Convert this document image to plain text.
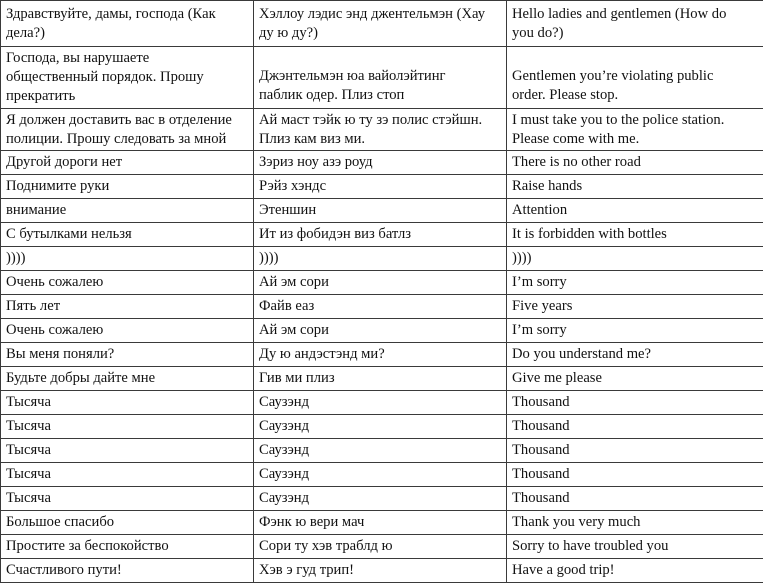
Здравствуйте, дамы, господа (Как
дела?)	Хэллоу лэдис энд джентельмэн (Хау
ду ю ду?)	Hello ladies and gentlemen (How do
you do?)
Господа, вы нарушаете
общественный порядок. Прошу
прекратить	Джэнтельмэн юа вайолэйтинг
паблик одер. Плиз стоп	Gentlemen you’re violating public
order. Please stop.
Я должен доставить вас в отделение
полиции. Прошу следовать за мной	Ай маст тэйк ю ту зэ полис стэйшн.
Плиз кам виз ми.	I must take you to the police station.
Please come with me.
Другой дороги нет	Зэриз ноу азэ роуд	There is no other road
Поднимите руки	Рэйз хэндс	Raise hands
внимание	Этеншин	Attention
С бутылками нельзя	Ит из фобидэн виз батлз	It is forbidden with bottles
))))	))))	))))
Очень сожалею	Ай эм сори	I’m sorry
Пять лет	Файв еаз	Five years
Очень сожалею	Ай эм сори	I’m sorry
Вы меня поняли?	Ду ю андэстэнд ми?	Do you understand me?
Будьте добры дайте мне	Гив ми плиз	Give me please
Тысяча	Саузэнд	Thousand
Тысяча	Саузэнд	Thousand
Тысяча	Саузэнд	Thousand
Тысяча	Саузэнд	Thousand
Тысяча	Саузэнд	Thousand
Большое спасибо	Фэнк ю вери мач	Thank you very much
Простите за беспокойство	Сори ту хэв траблд ю	Sorry to have troubled you
Счастливого пути!	Хэв э гуд трип!	Have a good trip!
